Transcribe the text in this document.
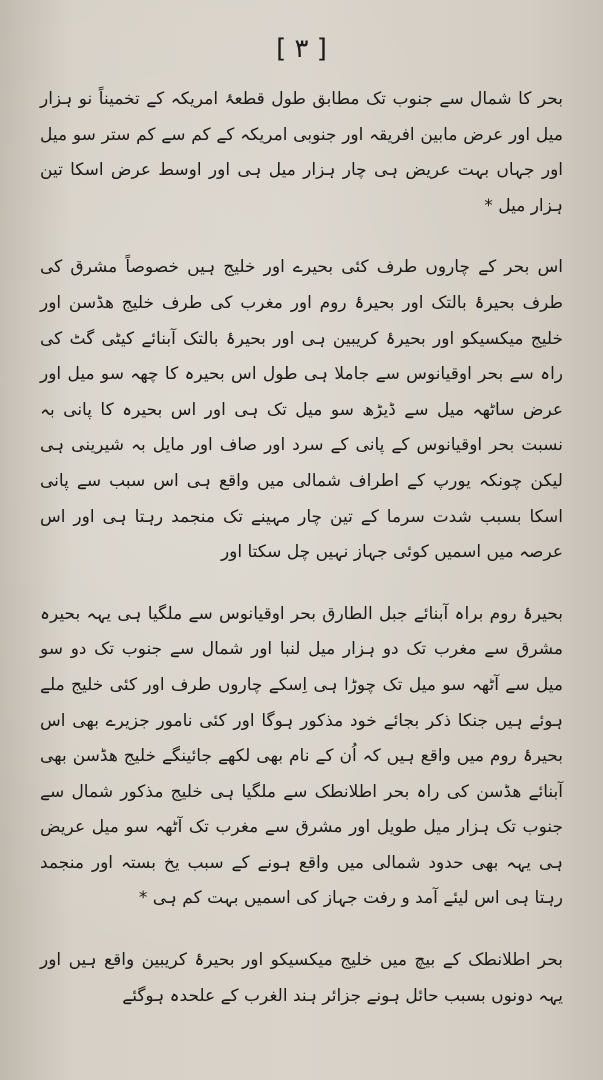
[ ٣ ]

بحر کا شمال سے جنوب تک مطابق طول قطعۂ امریکہ کے تخمیناً نو ہزار میل اور عرض مابین افریقہ اور جنوبی امریکہ کے کم سے کم ستر سو میل اور جہاں بہت عریض ہی چار ہزار میل ہی اور اوسط عرض اسکا تین ہزار میل *

اس بحر کے چاروں طرف کئی بحیرے اور خلیج ہیں خصوصاً مشرق کی طرف بحیرۂ بالتک اور بحیرۂ روم اور مغرب کی طرف خلیج هڈسن اور خلیج میکسیکو اور بحیرۂ کریبین ہی اور بحیرۂ بالتک آبنائے کیٹی گٹ کی راہ سے بحر اوقیانوس سے جاملا ہی طول اس بحیرہ کا چھہ سو میل اور عرض ساٹھہ میل سے ڈیڑھ سو میل تک ہی اور اس بحیرہ کا پانی بہ نسبت بحر اوقیانوس کے پانی کے سرد اور صاف اور مایل بہ شیرینی ہی لیکن چونکہ یورپ کے اطراف شمالی میں واقع ہی اس سبب سے پانی اسکا بسبب شدت سرما کے تین چار مہینے تک منجمد رہتا ہی اور اس عرصہ میں اسمیں کوئی جہاز نہیں چل سکتا اور

بحیرۂ روم براہ آبنائے جبل الطارق بحر اوقیانوس سے ملگیا ہی یہہ بحیرہ مشرق سے مغرب تک دو ہزار میل لنبا اور شمال سے جنوب تک دو سو میل سے آٹھہ سو میل تک چوڑا ہی اِسکے چاروں طرف اور کئی خلیج ملے ہوئے ہیں جنکا ذکر بجائے خود مذکور ہوگا اور کئی نامور جزیرے بھی اس بحیرۂ روم میں واقع ہیں کہ اُن کے نام بھی لکھے جائینگے خلیج هڈسن بھی آبنائے هڈسن کی راہ بحر اطلانطک سے ملگیا ہی خلیج مذکور شمال سے جنوب تک ہزار میل طویل اور مشرق سے مغرب تک آٹھہ سو میل عریض ہی یہہ بھی حدود شمالی میں واقع ہونے کے سبب یخ بستہ اور منجمد رہتا ہی اس لیئے آمد و رفت جہاز کی اسمیں بہت کم ہی *

بحر اطلانطک کے بیچ میں خلیج میکسیکو اور بحیرۂ کریبین واقع ہیں اور یہہ دونوں بسبب حائل ہونے جزائر ہند الغرب کے علحدہ ہوگئے
